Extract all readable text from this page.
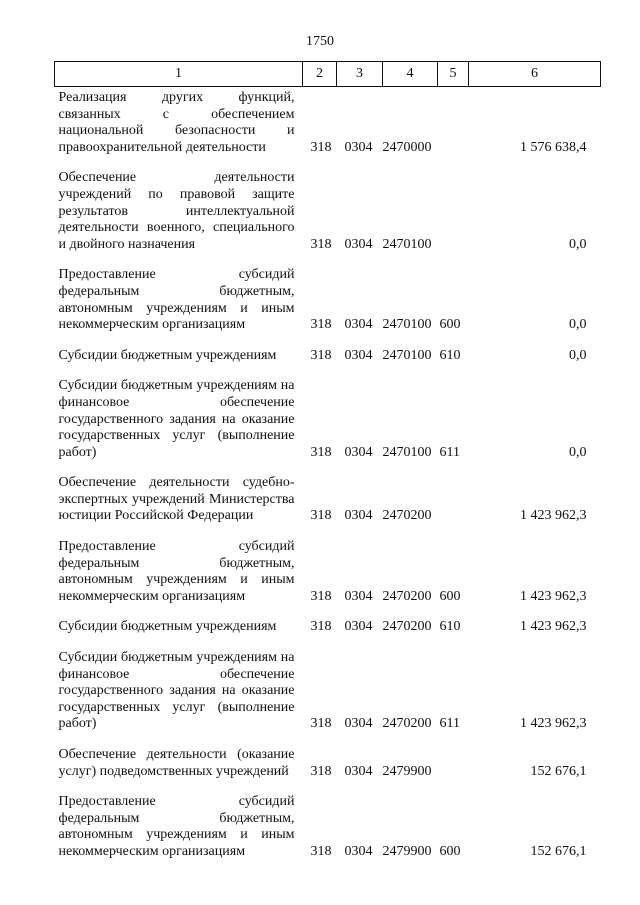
1750
1	2	3	4	5	6
Реализация других функций, связанных с обеспечением национальной безопасности и правоохранительной деятельности	318	0304	2470000		1 576 638,4
Обеспечение деятельности учреждений по правовой защите результатов интеллектуальной деятельности военного, специального и двойного назначения	318	0304	2470100		0,0
Предоставление субсидий федеральным бюджетным, автономным учреждениям и иным некоммерческим организациям	318	0304	2470100	600	0,0
Субсидии бюджетным учреждениям	318	0304	2470100	610	0,0
Субсидии бюджетным учреждениям на финансовое обеспечение государственного задания на оказание государственных услуг (выполнение работ)	318	0304	2470100	611	0,0
Обеспечение деятельности судебно-экспертных учреждений Министерства юстиции Российской Федерации	318	0304	2470200		1 423 962,3
Предоставление субсидий федеральным бюджетным, автономным учреждениям и иным некоммерческим организациям	318	0304	2470200	600	1 423 962,3
Субсидии бюджетным учреждениям	318	0304	2470200	610	1 423 962,3
Субсидии бюджетным учреждениям на финансовое обеспечение государственного задания на оказание государственных услуг (выполнение работ)	318	0304	2470200	611	1 423 962,3
Обеспечение деятельности (оказание услуг) подведомственных учреждений	318	0304	2479900		152 676,1
Предоставление субсидий федеральным бюджетным, автономным учреждениям и иным некоммерческим организациям	318	0304	2479900	600	152 676,1
